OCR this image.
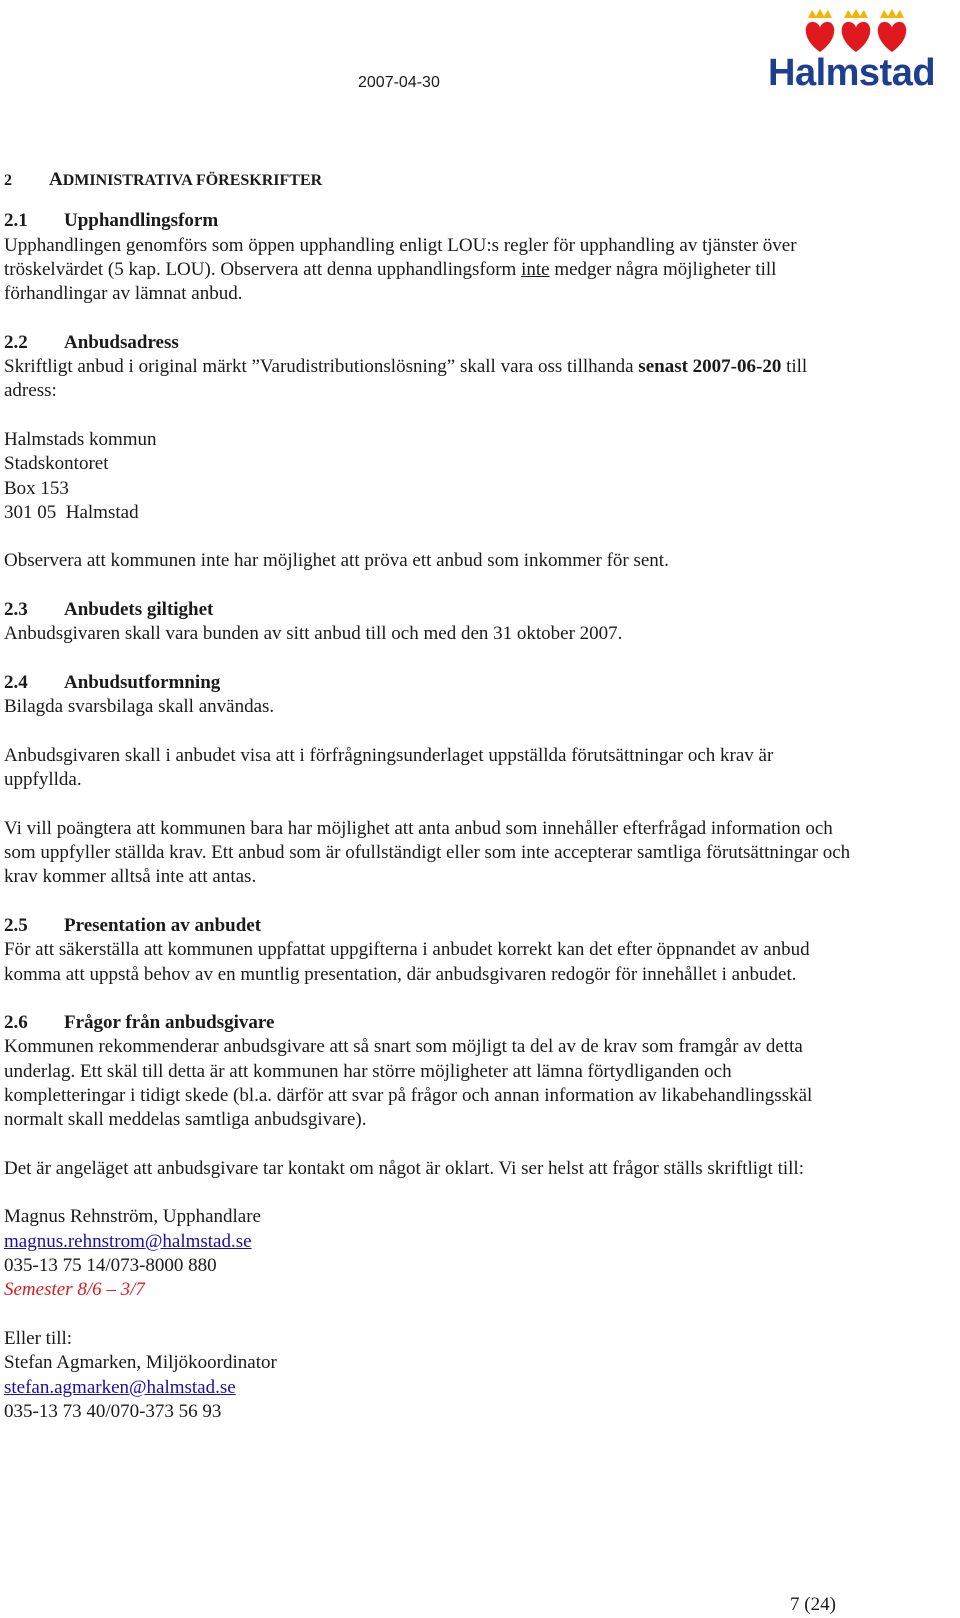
2007-04-30	Halmstad
2 ADMINISTRATIVA FÖRESKRIFTER
2.1 Upphandlingsform

Upphandlingen genomförs som öppen upphandling enligt LOU:s regler för upphandling av tjänster över tröskelvärdet (5 kap. LOU). Observera att denna upphandlingsform inte medger några möjligheter till förhandlingar av lämnat anbud.

2.2 Anbudsadress

Skriftligt anbud i original märkt ”Varudistributionslösning” skall vara oss tillhanda senast 2007-06-20 till adress:

Halmstads kommun

Stadskontoret

Box 153

301 05  Halmstad

Observera att kommunen inte har möjlighet att pröva ett anbud som inkommer för sent.

2.3 Anbudets giltighet

Anbudsgivaren skall vara bunden av sitt anbud till och med den 31 oktober 2007.

2.4 Anbudsutformning

Bilagda svarsbilaga skall användas.

Anbudsgivaren skall i anbudet visa att i förfrågningsunderlaget uppställda förutsättningar och krav är uppfyllda.

Vi vill poängtera att kommunen bara har möjlighet att anta anbud som innehåller efterfrågad information och som uppfyller ställda krav. Ett anbud som är ofullständigt eller som inte accepterar samtliga förutsättningar och krav kommer alltså inte att antas.

2.5 Presentation av anbudet

För att säkerställa att kommunen uppfattat uppgifterna i anbudet korrekt kan det efter öppnandet av anbud komma att uppstå behov av en muntlig presentation, där anbudsgivaren redogör för innehållet i anbudet.

2.6 Frågor från anbudsgivare

Kommunen rekommenderar anbudsgivare att så snart som möjligt ta del av de krav som framgår av detta underlag. Ett skäl till detta är att kommunen har större möjligheter att lämna förtydliganden och kompletteringar i tidigt skede (bl.a. därför att svar på frågor och annan information av likabehandlingsskäl normalt skall meddelas samtliga anbudsgivare).

Det är angeläget att anbudsgivare tar kontakt om något är oklart. Vi ser helst att frågor ställs skriftligt till:

Magnus Rehnström, Upphandlare

magnus.rehnstrom@halmstad.se

035-13 75 14/073-8000 880

Semester 8/6 – 3/7

Eller till:

Stefan Agmarken, Miljökoordinator

stefan.agmarken@halmstad.se

035-13 73 40/070-373 56 93

7 (24)
